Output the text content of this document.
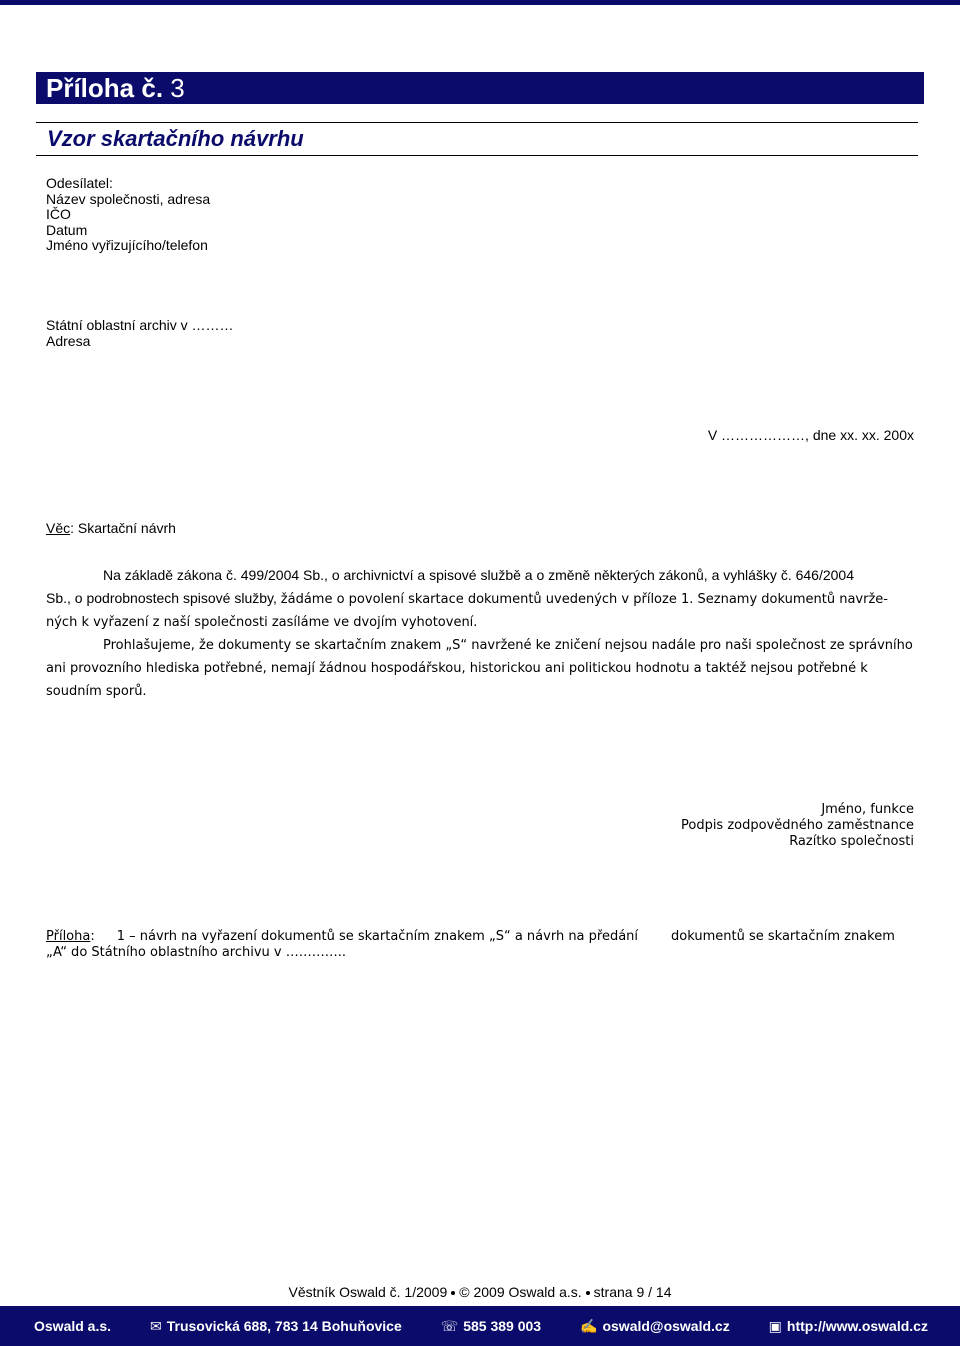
Příloha č. 3
Vzor skartačního návrhu
Odesílatel:
Název společnosti, adresa
IČO
Datum
Jméno vyřizujícího/telefon
Státní oblastní archiv v ………
Adresa
V ………………, dne xx. xx. 200x
Věc: Skartační návrh
Na základě zákona č. 499/2004 Sb., o archivnictví a spisové službě a o změně některých zákonů, a vyhlášky č. 646/2004
Sb., o podrobnostech spisové služby, žádáme o povolení skartace dokumentů uvedených v příloze 1. Seznamy dokumentů navrže-
ných k vyřazení z naší společnosti zasíláme ve dvojím vyhotovení.
Prohlašujeme, že dokumenty se skartačním znakem „S“ navržené ke zničení nejsou nadále pro naši společnost ze správního ani provozního hlediska potřebné, nemají žádnou hospodářskou, historickou ani politickou hodnotu a taktéž nejsou potřebné k soudním sporů.
Jméno, funkce
Podpis zodpovědného zaměstnance
Razítko společnosti
Příloha: 1 – návrh na vyřazení dokumentů se skartačním znakem „S“ a návrh na předání	dokumentů se skartačním znakem
„A“ do Státního oblastního archivu v …………..
Věstník Oswald č. 1/2009 © 2009 Oswald a.s. strana 9 / 14
Oswald a.s.	✉ Trusovická 688, 783 14 Bohuňovice	☏ 585 389 003	✍ oswald@oswald.cz	▣ http://www.oswald.cz
